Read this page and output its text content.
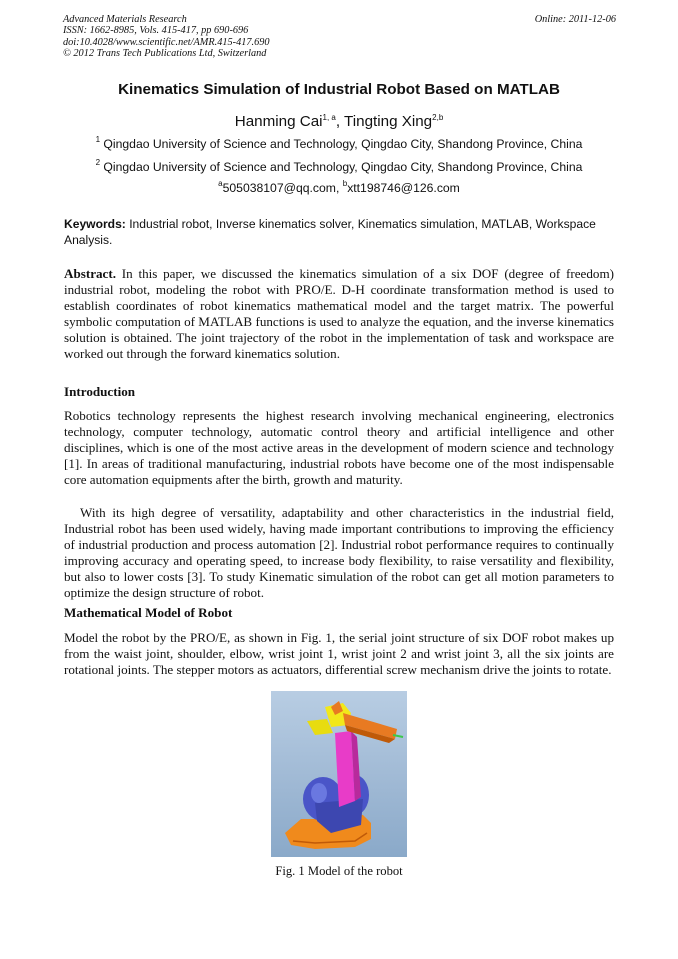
Advanced Materials Research
ISSN: 1662-8985, Vols. 415-417, pp 690-696
doi:10.4028/www.scientific.net/AMR.415-417.690
© 2012 Trans Tech Publications Ltd, Switzerland
Online: 2011-12-06
Kinematics Simulation of Industrial Robot Based on MATLAB
Hanming Cai$^{1, a}$, Tingting Xing$^{2,b}$
$^1$ Qingdao University of Science and Technology, Qingdao City, Shandong Province, China
$^2$ Qingdao University of Science and Technology, Qingdao City, Shandong Province, China
$^a$505038107@qq.com, $^b$xtt198746@126.com
Keywords: Industrial robot, Inverse kinematics solver, Kinematics simulation, MATLAB, Workspace Analysis.
Abstract. In this paper, we discussed the kinematics simulation of a six DOF (degree of freedom) industrial robot, modeling the robot with PRO/E. D-H coordinate transformation method is used to establish coordinates of robot kinematics mathematical model and the target matrix. The powerful symbolic computation of MATLAB functions is used to analyze the equation, and the inverse kinematics solution is obtained. The joint trajectory of the robot in the implementation of task and workspace are worked out through the forward kinematics solution.
Introduction
Robotics technology represents the highest research involving mechanical engineering, electronics technology, computer technology, automatic control theory and artificial intelligence and other disciplines, which is one of the most active areas in the development of modern science and technology [1]. In areas of traditional manufacturing, industrial robots have become one of the most indispensable core automation equipments after the birth, growth and maturity.
With its high degree of versatility, adaptability and other characteristics in the industrial field, Industrial robot has been used widely, having made important contributions to improving the efficiency of industrial production and process automation [2]. Industrial robot performance requires to continually improving accuracy and operating speed, to increase body flexibility, to raise versatility and flexibility, but also to lower costs [3]. To study Kinematic simulation of the robot can get all motion parameters to optimize the design structure of robot.
Mathematical Model of Robot
Model the robot by the PRO/E, as shown in Fig. 1, the serial joint structure of six DOF robot makes up from the waist joint, shoulder, elbow, wrist joint 1, wrist joint 2 and wrist joint 3, all the six joints are rotational joints. The stepper motors as actuators, differential screw mechanism drive the joints to rotate.
Fig. 1 Model of the robot
